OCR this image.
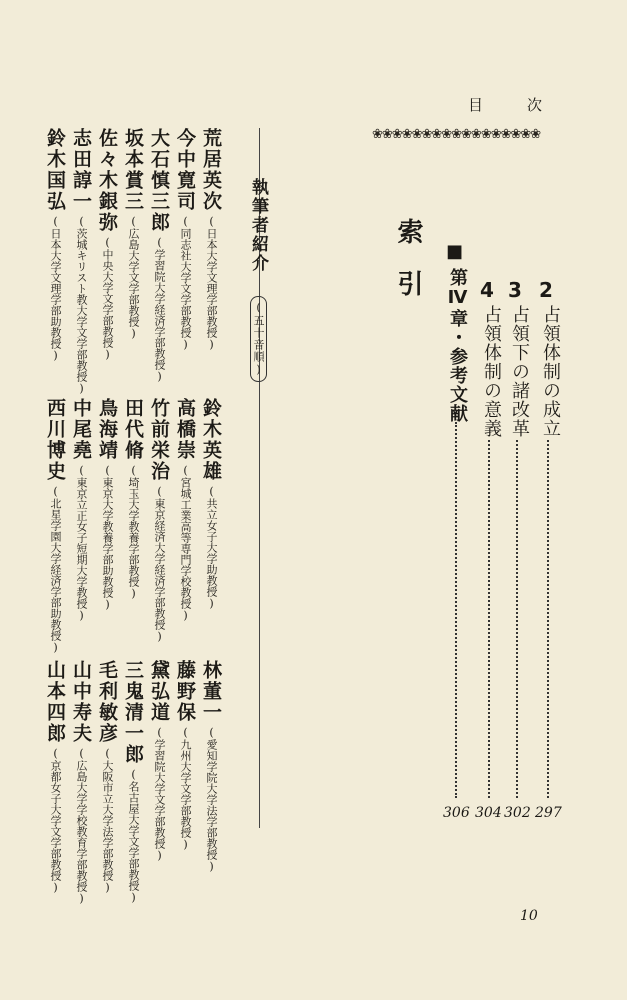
目	次
❀❀❀❀❀❀❀❀❀❀❀❀❀❀❀❀❀
2
占領体制の成立
297
3
占領下の諸改革
302
4
占領体制の意義
304
■
第Ⅳ章・参考文献
306
索引
執筆者紹介 (五十音順)
荒居英次(日本大学文理学部教授)
今中寛司(同志社大学文学部教授)
大石慎三郎(学習院大学経済学部教授)
坂本賞三(広島大学文学部教授)
佐々木銀弥(中央大学文学部教授)
志田諄一(茨城キリスト教大学文学部教授)
鈴木国弘(日本大学文理学部助教授)
鈴木英雄(共立女子大学助教授)
高橋崇(宮城工業高等専門学校教授)
竹前栄治(東京経済大学経済学部教授)
田代脩(埼玉大学教養学部教授)
鳥海靖(東京大学教養学部助教授)
中尾堯(東京立正女子短期大学教授)
西川博史(北星学園大学経済学部助教授)
林董一(愛知学院大学法学部教授)
藤野保(九州大学文学部教授)
黛弘道(学習院大学文学部教授)
三鬼清一郎(名古屋大学文学部教授)
毛利敏彦(大阪市立大学法学部教授)
山中寿夫(広島大学学校教育学部教授)
山本四郎(京都女子大学文学部教授)
10
